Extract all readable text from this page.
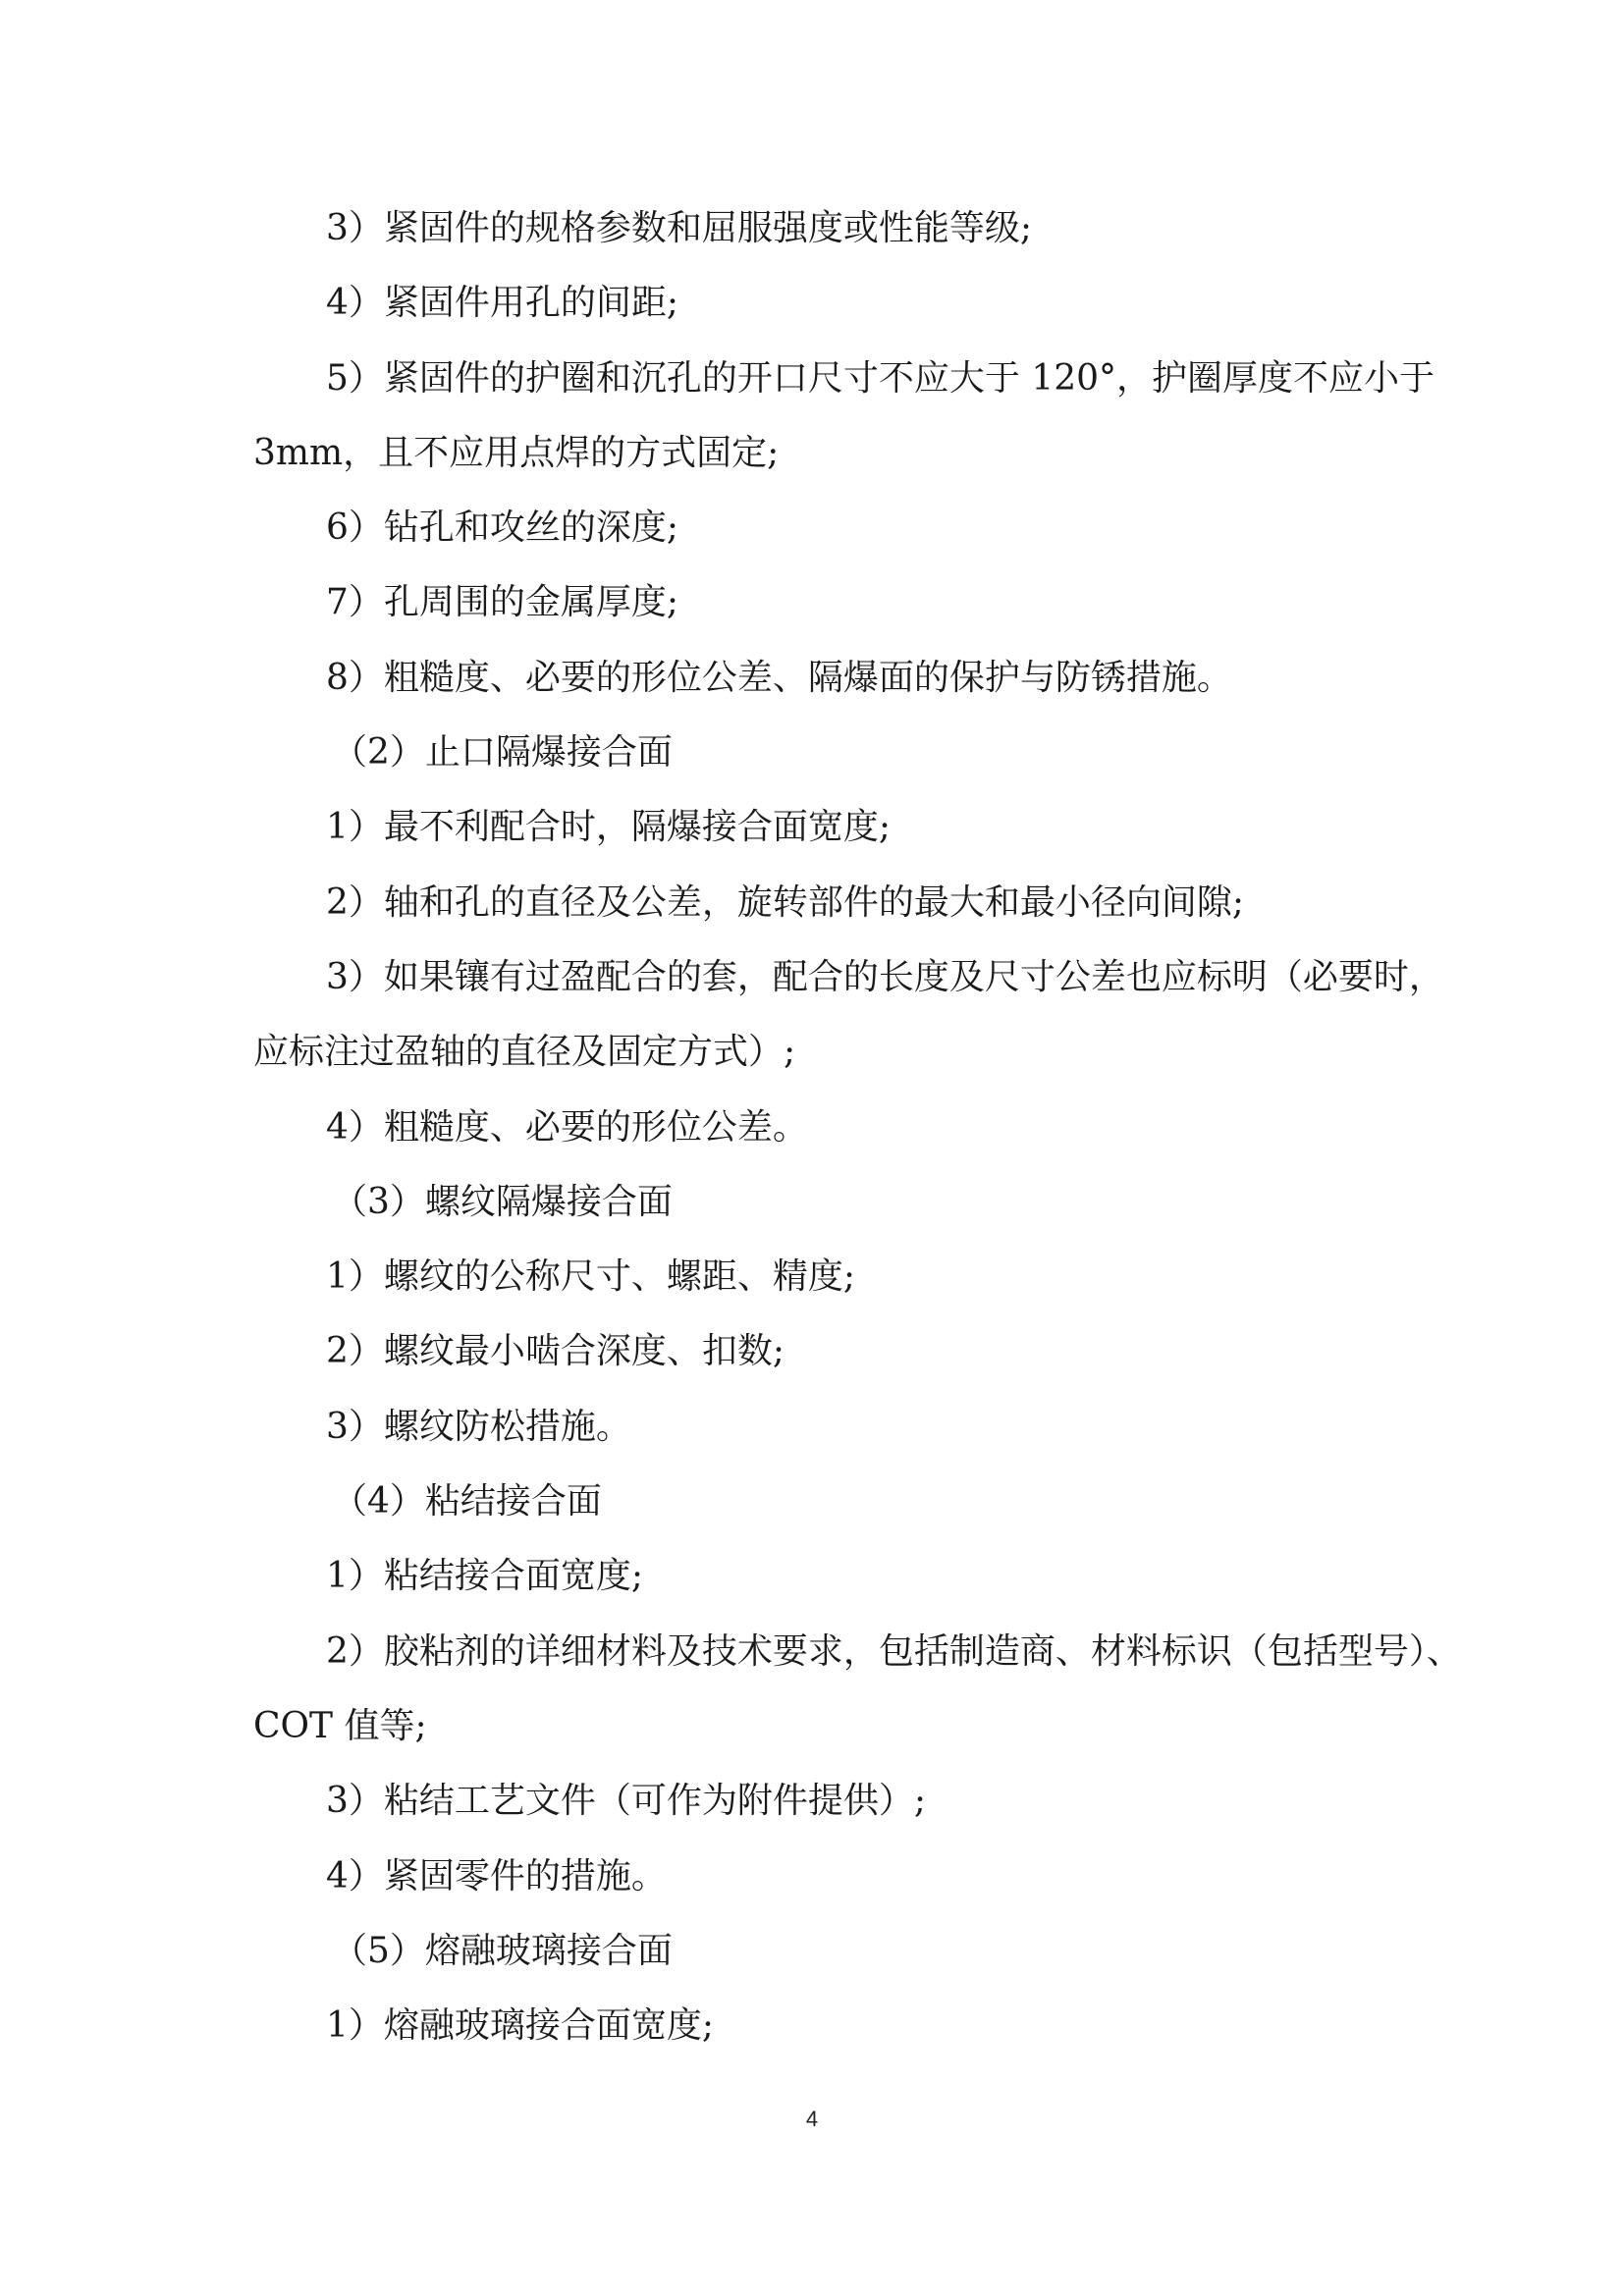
3）紧固件的规格参数和屈服强度或性能等级;

4）紧固件用孔的间距;

5）紧固件的护圈和沉孔的开口尺寸不应大于 120°，护圈厚度不应小于

3mm，且不应用点焊的方式固定;

6）钻孔和攻丝的深度;

7）孔周围的金属厚度;

8）粗糙度、必要的形位公差、隔爆面的保护与防锈措施。

（2）止口隔爆接合面

1）最不利配合时，隔爆接合面宽度;

2）轴和孔的直径及公差，旋转部件的最大和最小径向间隙;

3）如果镶有过盈配合的套，配合的长度及尺寸公差也应标明（必要时，

应标注过盈轴的直径及固定方式）;

4）粗糙度、必要的形位公差。

（3）螺纹隔爆接合面

1）螺纹的公称尺寸、螺距、精度;

2）螺纹最小啮合深度、扣数;

3）螺纹防松措施。

（4）粘结接合面

1）粘结接合面宽度;

2）胶粘剂的详细材料及技术要求，包括制造商、材料标识（包括型号）、

COT 值等;

3）粘结工艺文件（可作为附件提供）;

4）紧固零件的措施。

（5）熔融玻璃接合面

1）熔融玻璃接合面宽度;

4
